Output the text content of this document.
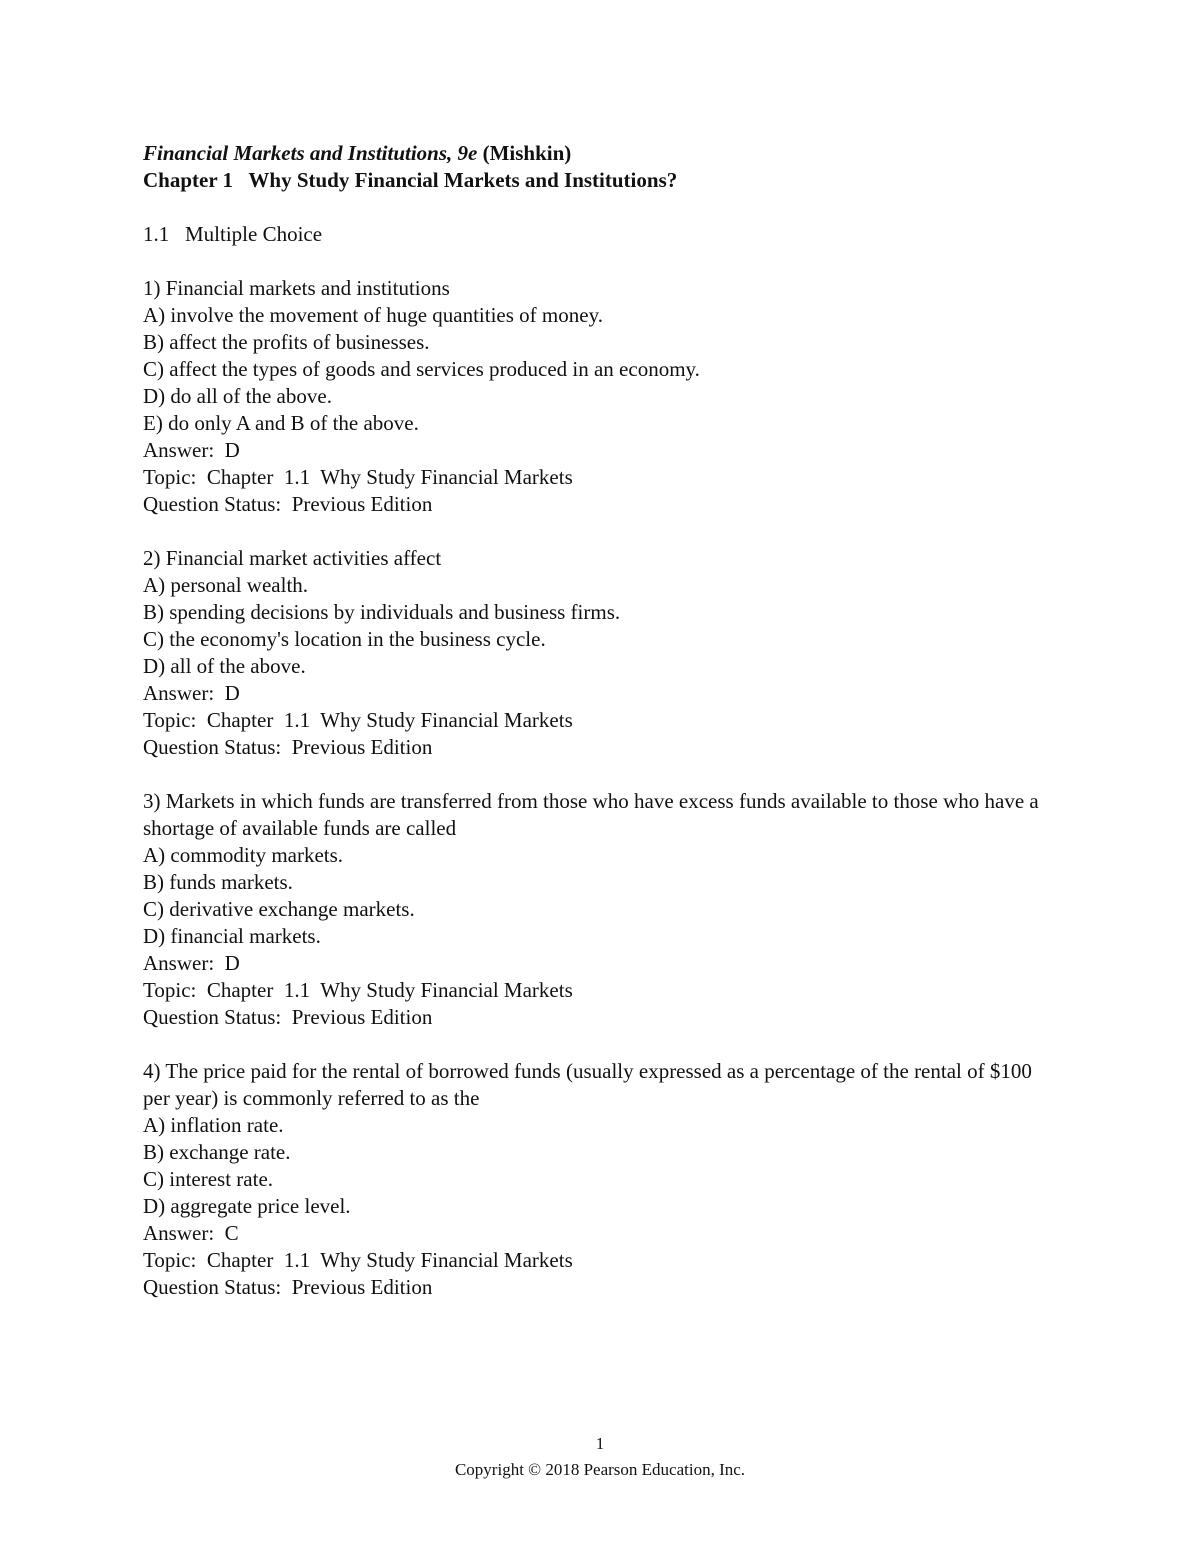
Financial Markets and Institutions, 9e (Mishkin)
Chapter 1   Why Study Financial Markets and Institutions?
1.1   Multiple Choice
1) Financial markets and institutions
A) involve the movement of huge quantities of money.
B) affect the profits of businesses.
C) affect the types of goods and services produced in an economy.
D) do all of the above.
E) do only A and B of the above.
Answer:  D
Topic:  Chapter  1.1  Why Study Financial Markets
Question Status:  Previous Edition
2) Financial market activities affect
A) personal wealth.
B) spending decisions by individuals and business firms.
C) the economy's location in the business cycle.
D) all of the above.
Answer:  D
Topic:  Chapter  1.1  Why Study Financial Markets
Question Status:  Previous Edition
3) Markets in which funds are transferred from those who have excess funds available to those who have a shortage of available funds are called
A) commodity markets.
B) funds markets.
C) derivative exchange markets.
D) financial markets.
Answer:  D
Topic:  Chapter  1.1  Why Study Financial Markets
Question Status:  Previous Edition
4) The price paid for the rental of borrowed funds (usually expressed as a percentage of the rental of $100 per year) is commonly referred to as the
A) inflation rate.
B) exchange rate.
C) interest rate.
D) aggregate price level.
Answer:  C
Topic:  Chapter  1.1  Why Study Financial Markets
Question Status:  Previous Edition
1
Copyright © 2018 Pearson Education, Inc.
